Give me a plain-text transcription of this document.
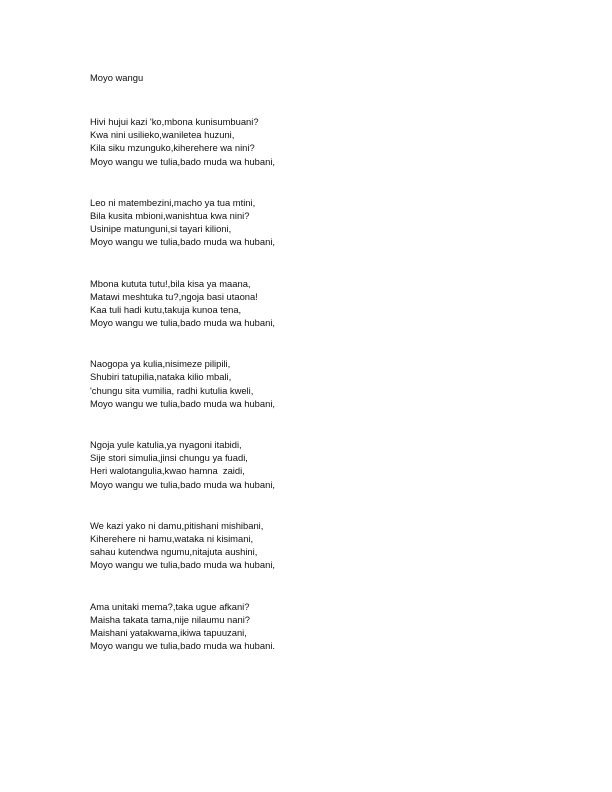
Moyo wangu
Hivi hujui kazi 'ko,mbona kunisumbuani?
Kwa nini usilieko,waniletea huzuni,
Kila siku mzunguko,kiherehere wa nini?
Moyo wangu we tulia,bado muda wa hubani,
Leo ni matembezini,macho ya tua mtini,
Bila kusita mbioni,wanishtua kwa nini?
Usinipe matunguni,si tayari kilioni,
Moyo wangu we tulia,bado muda wa hubani,
Mbona kututa tutu!,bila kisa ya maana,
Matawi meshtuka tu?,ngoja basi utaona!
Kaa tuli hadi kutu,takuja kunoa tena,
Moyo wangu we tulia,bado muda wa hubani,
Naogopa ya kulia,nisimeze pilipili,
Shubiri tatupilia,nataka kilio mbali,
'chungu sita vumilia, radhi kutulia kweli,
Moyo wangu we tulia,bado muda wa hubani,
Ngoja yule katulia,ya nyagoni itabidi,
Sije stori simulia,jinsi chungu ya fuadi,
Heri walotangulia,kwao hamna  zaidi,
Moyo wangu we tulia,bado muda wa hubani,
We kazi yako ni damu,pitishani mishibani,
Kiherehere ni hamu,wataka ni kisimani,
sahau kutendwa ngumu,nitajuta aushini,
Moyo wangu we tulia,bado muda wa hubani,
Ama unitaki mema?,taka ugue afkani?
Maisha takata tama,nije nilaumu nani?
Maishani yatakwama,ikiwa tapuuzani,
Moyo wangu we tulia,bado muda wa hubani.
